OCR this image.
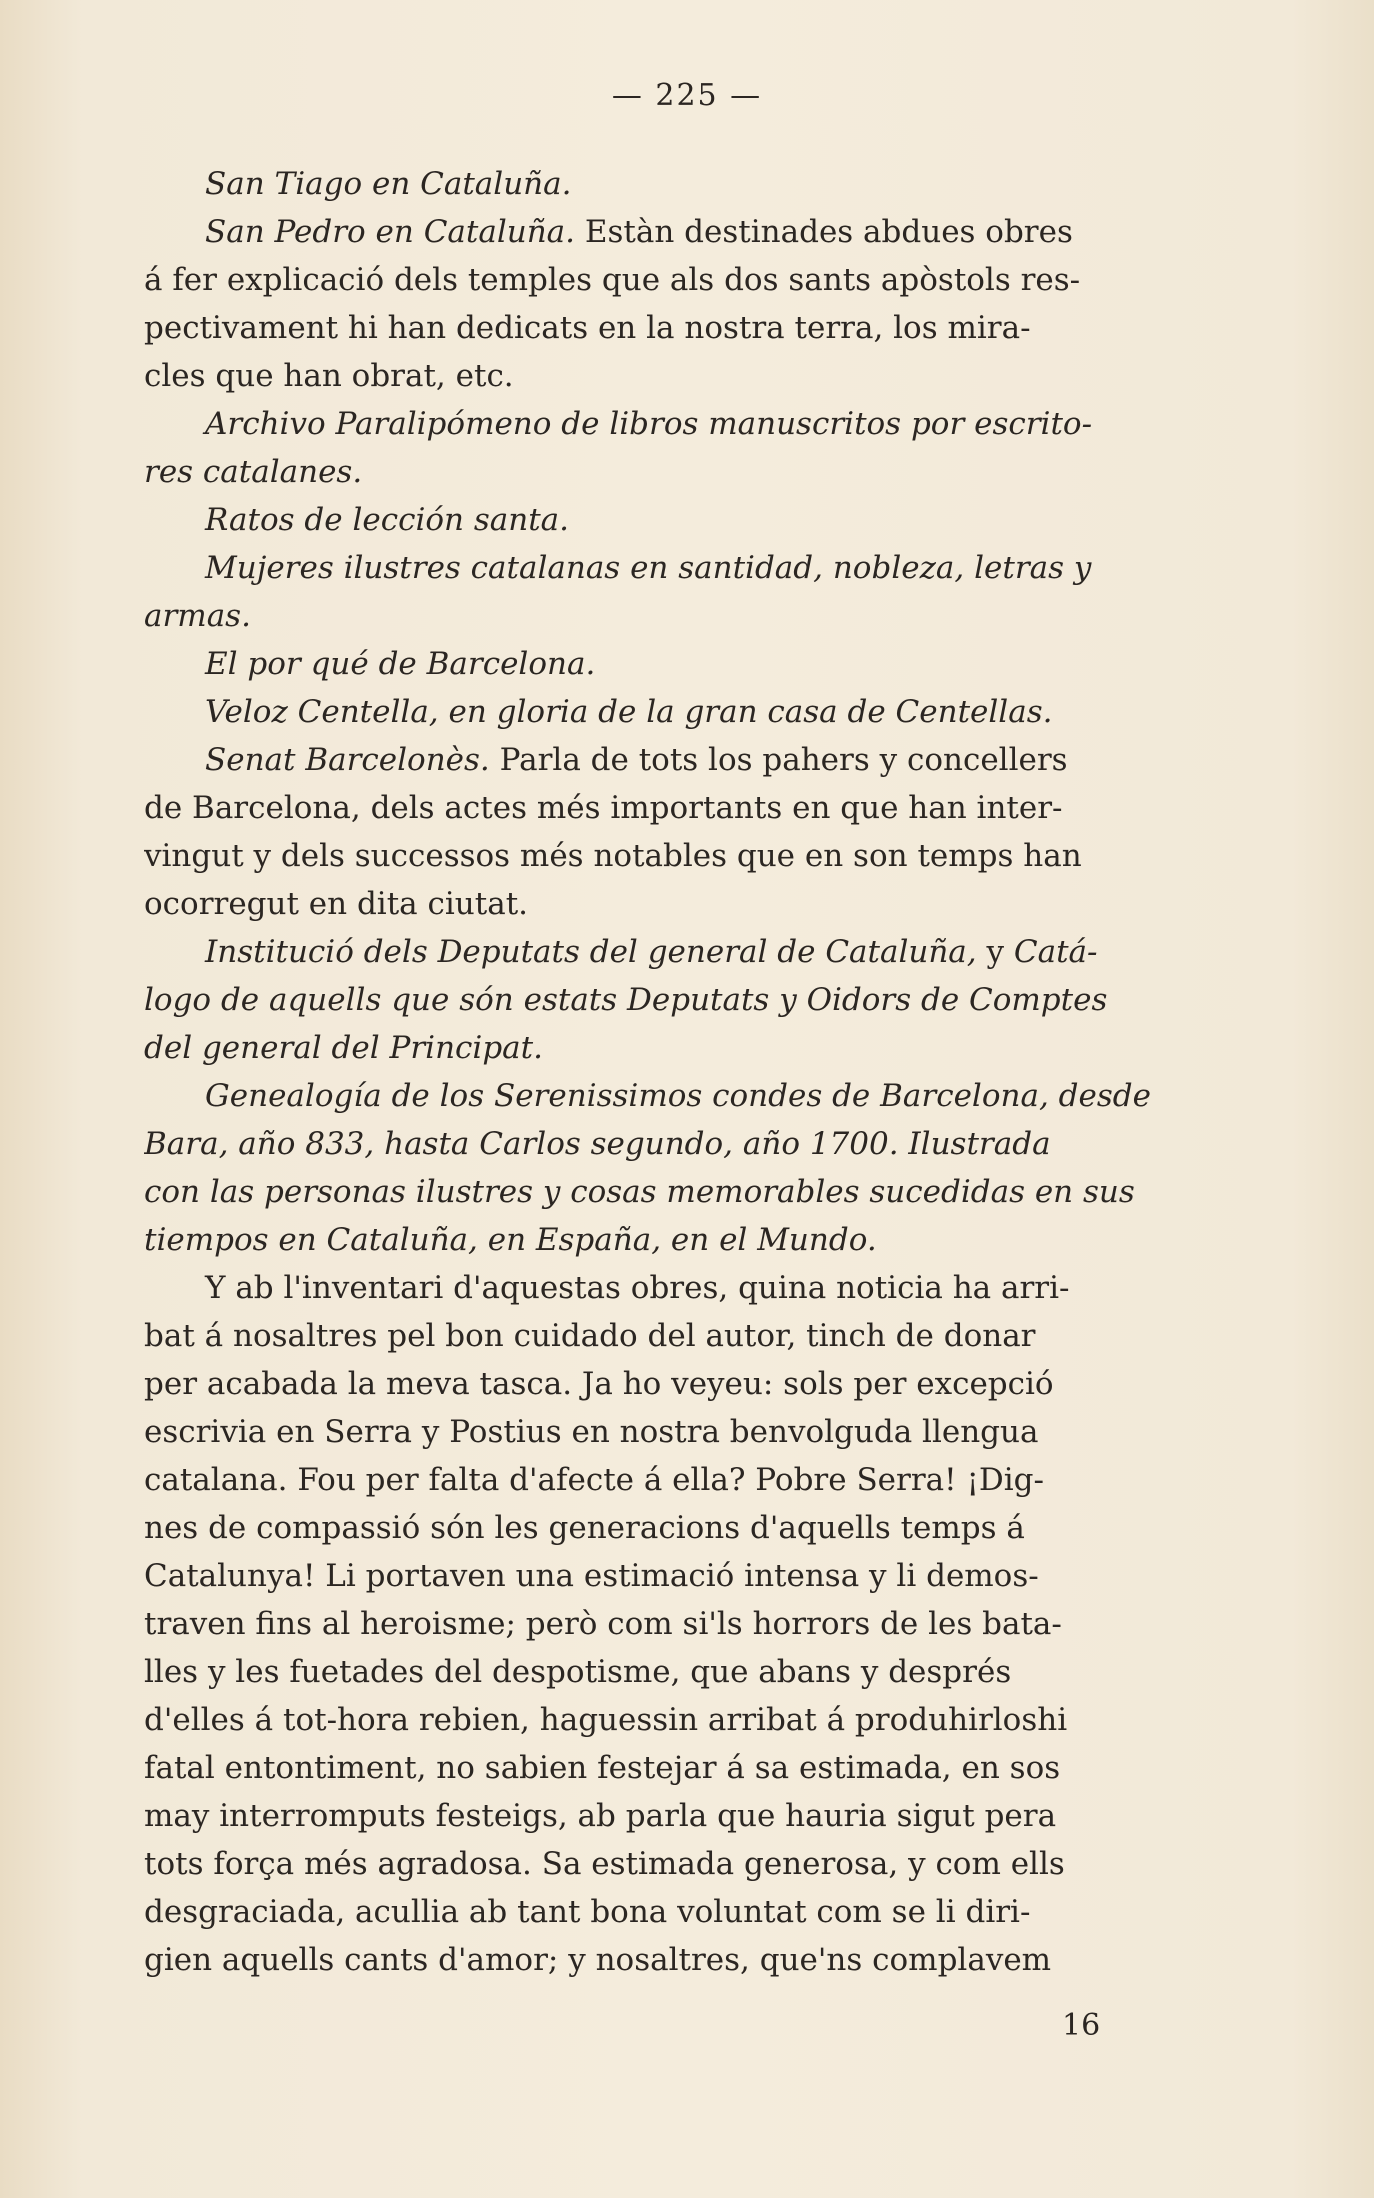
— 225 —
San Tiago en Cataluña.
San Pedro en Cataluña. Estàn destinades abdues obres
á fer explicació dels temples que als dos sants apòstols res-
pectivament hi han dedicats en la nostra terra, los mira-
cles que han obrat, etc.
Archivo Paralipómeno de libros manuscritos por escrito-
res catalanes.
Ratos de lección santa.
Mujeres ilustres catalanas en santidad, nobleza, letras y
armas.
El por qué de Barcelona.
Veloz Centella, en gloria de la gran casa de Centellas.
Senat Barcelonès. Parla de tots los pahers y concellers
de Barcelona, dels actes més importants en que han inter-
vingut y dels successos més notables que en son temps han
ocorregut en dita ciutat.
Institució dels Deputats del general de Cataluña, y Catá-
logo de aquells que són estats Deputats y Oidors de Comptes
del general del Principat.
Genealogía de los Serenissimos condes de Barcelona, desde
Bara, año 833, hasta Carlos segundo, año 1700. Ilustrada
con las personas ilustres y cosas memorables sucedidas en sus
tiempos en Cataluña, en España, en el Mundo.
Y ab l'inventari d'aquestas obres, quina noticia ha arri-
bat á nosaltres pel bon cuidado del autor, tinch de donar
per acabada la meva tasca. Ja ho veyeu: sols per excepció
escrivia en Serra y Postius en nostra benvolguda llengua
catalana. Fou per falta d'afecte á ella? Pobre Serra! ¡Dig-
nes de compassió són les generacions d'aquells temps á
Catalunya! Li portaven una estimació intensa y li demos-
traven fins al heroisme; però com si'ls horrors de les bata-
lles y les fuetades del despotisme, que abans y després
d'elles á tot-hora rebien, haguessin arribat á produhirloshi
fatal entontiment, no sabien festejar á sa estimada, en sos
may interromputs festeigs, ab parla que hauria sigut pera
tots força més agradosa. Sa estimada generosa, y com ells
desgraciada, acullia ab tant bona voluntat com se li diri-
gien aquells cants d'amor; y nosaltres, que'ns complavem
16
